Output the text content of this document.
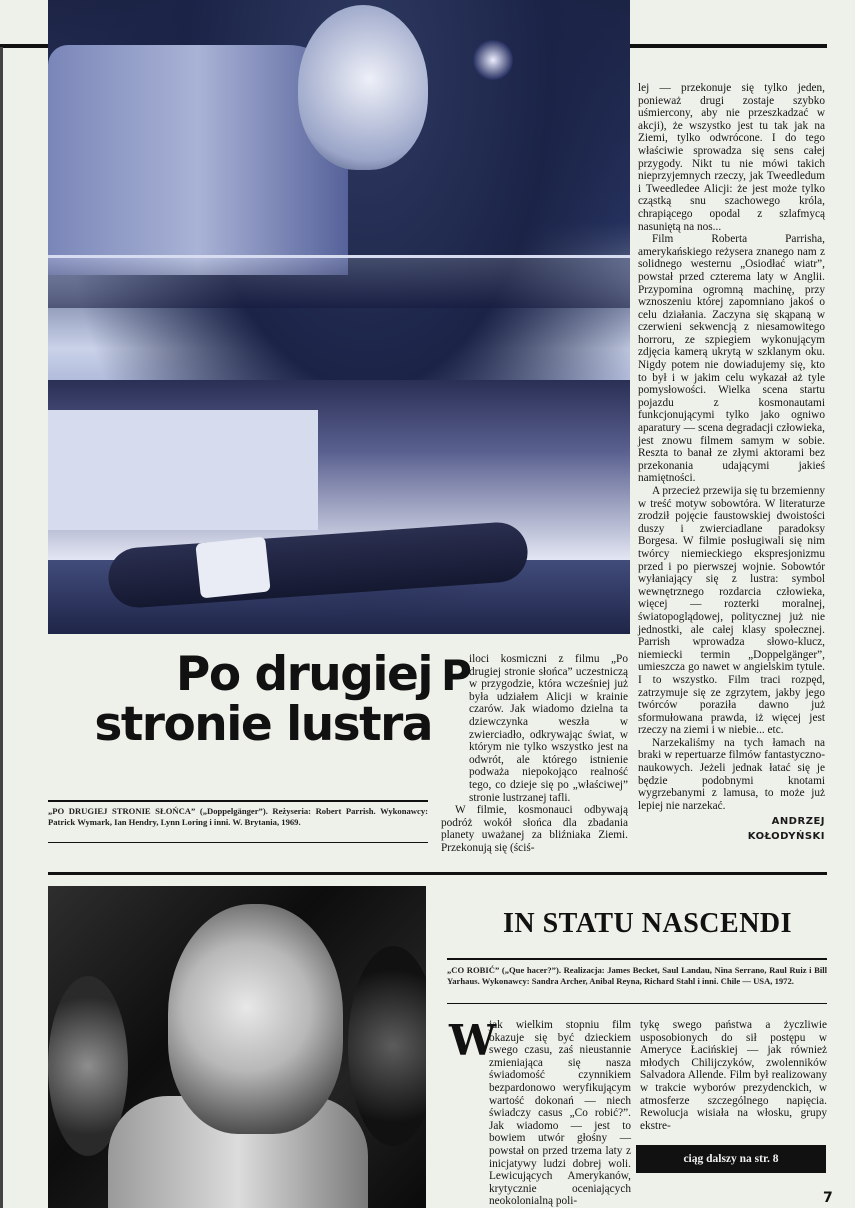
lej — przekonuje się tylko jeden, ponieważ drugi zostaje szybko uśmiercony, aby nie przeszkadzać w akcji), że wszystko jest tu tak jak na Ziemi, tylko odwrócone. I do tego właściwie sprowadza się sens całej przygody. Nikt tu nie mówi takich nieprzyjemnych rzeczy, jak Tweedledum i Tweedledee Alicji: że jest może tylko cząstką snu szachowego króla, chrapiącego opodal z szlafmycą nasuniętą na nos...

Film Roberta Parrisha, amerykańskiego reżysera znanego nam z solidnego westernu „Osiodłać wiatr”, powstał przed czterema laty w Anglii. Przypomina ogromną machinę, przy wznoszeniu której zapomniano jakoś o celu działania. Zaczyna się skąpaną w czerwieni sekwencją z niesamowitego horroru, ze szpiegiem wykonującym zdjęcia kamerą ukrytą w szklanym oku. Nigdy potem nie dowiadujemy się, kto to był i w jakim celu wykazał aż tyle pomysłowości. Wielka scena startu pojazdu z kosmonautami funkcjonującymi tylko jako ogniwo aparatury — scena degradacji człowieka, jest znowu filmem samym w sobie. Reszta to banał ze złymi aktorami bez przekonania udającymi jakieś namiętności.

A przecież przewija się tu brzemienny w treść motyw sobowtóra. W literaturze zrodził pojęcie faustowskiej dwoistości duszy i zwierciadlane paradoksy Borgesa. W filmie posługiwali się nim twórcy niemieckiego ekspresjonizmu przed i po pierwszej wojnie. Sobowtór wyłaniający się z lustra: symbol wewnętrznego rozdarcia człowieka, więcej — rozterki moralnej, światopoglądowej, politycznej już nie jednostki, ale całej klasy społecznej. Parrish wprowadza słowo-klucz, niemiecki termin „Doppelgänger”, umieszcza go nawet w angielskim tytule. I to wszystko. Film traci rozpęd, zatrzymuje się ze zgrzytem, jakby jego twórców poraziła dawno już sformułowana prawda, iż więcej jest rzeczy na ziemi i w niebie... etc.

Narzekaliśmy na tych łamach na braki w repertuarze filmów fantastyczno-naukowych. Jeżeli jednak łatać się je będzie podobnymi knotami wygrzebanymi z lamusa, to może już lepiej nie narzekać.

Po drugiej
stronie lustra
„PO DRUGIEJ STRONIE SŁOŃCA” („Doppelgänger”). Reżyseria: Robert Parrish. Wykonawcy: Patrick Wymark, Ian Hendry, Lynn Loring i inni. W. Brytania, 1969.
P

iloci kosmiczni z filmu „Po drugiej stronie słońca” uczestniczą w przygodzie, która wcześniej już była udziałem Alicji w krainie czarów. Jak wiadomo dzielna ta dziewczynka weszła w zwierciadło, odkrywając świat, w którym nie tylko wszystko jest na odwrót, ale którego istnienie podważa niepokojąco realność tego, co dzieje się po „właściwej” stronie lustrzanej tafli.

W filmie, kosmonauci odbywają podróż wokół słońca dla zbadania planety uważanej za bliźniaka Ziemi. Przekonują się (ściś-

ANDRZEJ
KOŁODYŃSKI
IN STATU NASCENDI
„CO ROBIĆ” („Que hacer?”). Realizacja: James Becket, Saul Landau, Nina Serrano, Raul Ruiz i Bill Yarhaus. Wykonawcy: Sandra Archer, Anibal Reyna, Richard Stahl i inni. Chile — USA, 1972.
W

jak wielkim stopniu film okazuje się być dzieckiem swego czasu, zaś nieustannie zmieniająca się nasza świadomość czynnikiem bezpardonowo weryfikującym wartość dokonań — niech świadczy casus „Co robić?”. Jak wiadomo — jest to bowiem utwór głośny — powstał on przed trzema laty z inicjatywy ludzi dobrej woli. Lewicujących Amerykanów, krytycznie oceniających neokolonialną poli-

tykę swego państwa a życzliwie usposobionych do sił postępu w Ameryce Łacińskiej — jak również młodych Chilijczyków, zwolenników Salvadora Allende. Film był realizowany w trakcie wyborów prezydenckich, w atmosferze szczególnego napięcia. Rewolucja wisiała na włosku, grupy ekstre-

ciąg dalszy na str. 8
7
